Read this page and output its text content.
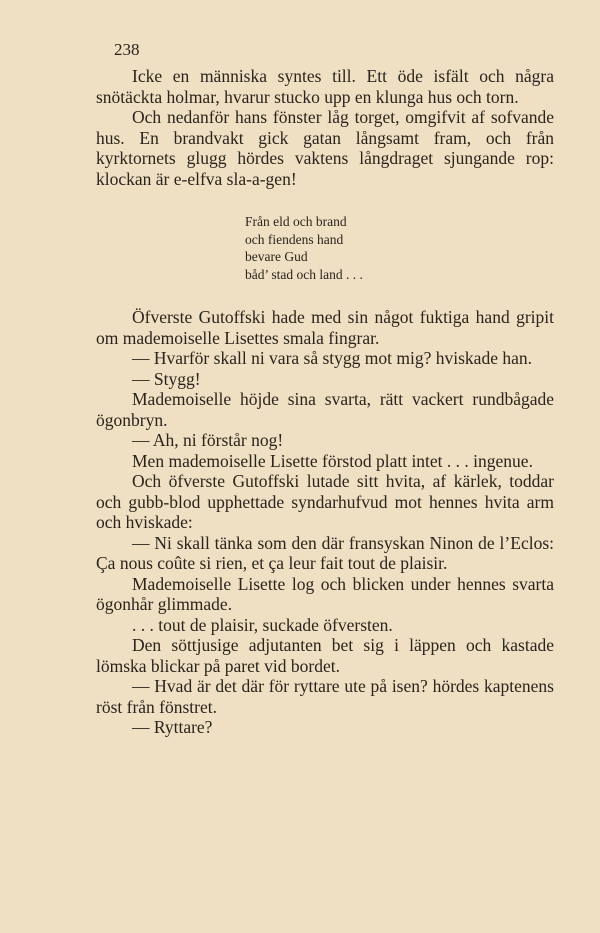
238

Icke en människa syntes till. Ett öde isfält och några snötäckta holmar, hvarur stucko upp en klunga hus och torn.

Och nedanför hans fönster låg torget, omgifvit af sofvande hus. En brandvakt gick gatan långsamt fram, och från kyrktornets glugg hördes vaktens långdraget sjungande rop: klockan är e-elfva sla-a-gen!

Från eld och brand
och fiendens hand
bevare Gud
båd’ stad och land . . .

Öfverste Gutoffski hade med sin något fuktiga hand gripit om mademoiselle Lisettes smala fingrar.

— Hvarför skall ni vara så stygg mot mig? hviskade han.

— Stygg!

Mademoiselle höjde sina svarta, rätt vackert rundbågade ögonbryn.

— Ah, ni förstår nog!

Men mademoiselle Lisette förstod platt intet . . . ingenue.

Och öfverste Gutoffski lutade sitt hvita, af kärlek, toddar och gubb-blod upphettade syndarhufvud mot hennes hvita arm och hviskade:

— Ni skall tänka som den där fransyskan Ninon de l’Eclos: Ça nous coûte si rien, et ça leur fait tout de plaisir.

Mademoiselle Lisette log och blicken under hennes svarta ögonhår glimmade.

. . . tout de plaisir, suckade öfversten.

Den söttjusige adjutanten bet sig i läppen och kastade lömska blickar på paret vid bordet.

— Hvad är det där för ryttare ute på isen? hördes kaptenens röst från fönstret.

— Ryttare?
